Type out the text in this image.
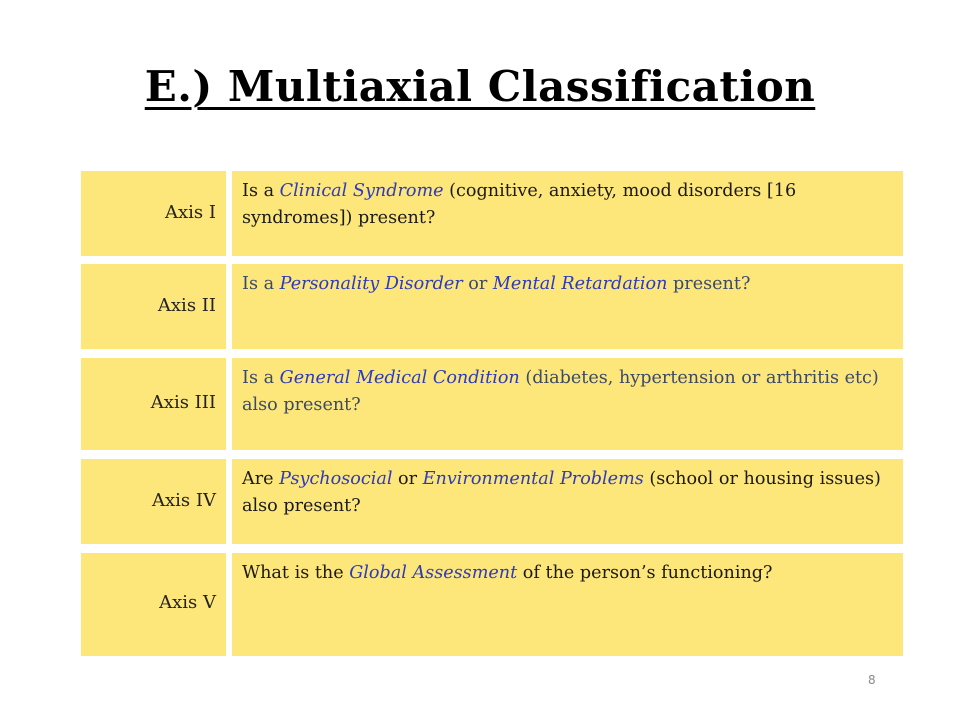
E.) Multiaxial Classification
Axis I
Is a Clinical Syndrome (cognitive, anxiety, mood disorders [16 syndromes]) present?
Axis II
Is a Personality Disorder or Mental Retardation present?
Axis III
Is a General Medical Condition (diabetes, hypertension or arthritis etc) also present?
Axis IV
Are Psychosocial or Environmental Problems (school or housing issues) also present?
Axis V
What is the Global Assessment of the person’s functioning?
8
